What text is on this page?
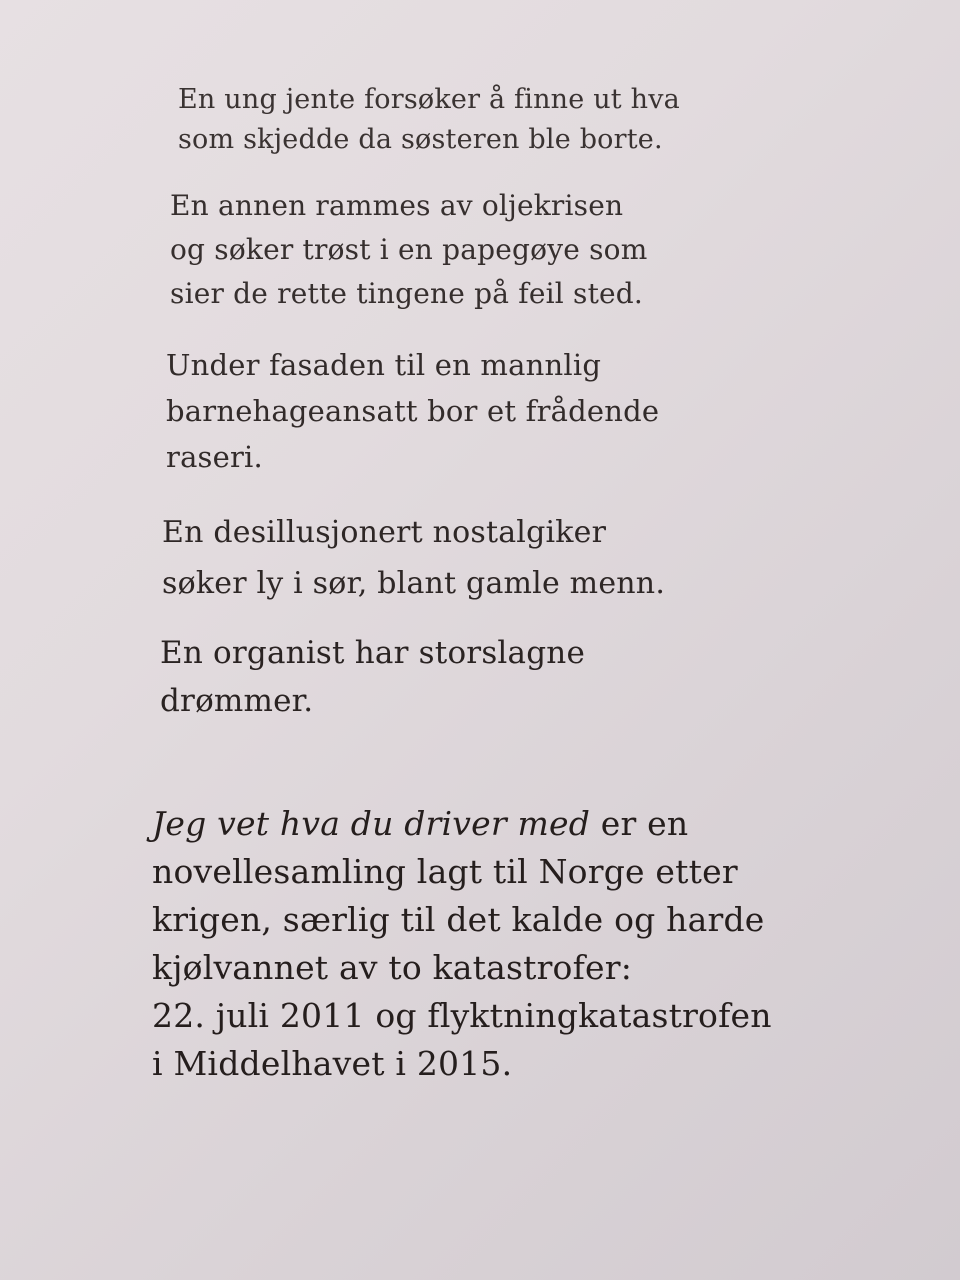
En ung jente forsøker å finne ut hva
som skjedde da søsteren ble borte.

En annen rammes av oljekrisen
og søker trøst i en papegøye som
sier de rette tingene på feil sted.

Under fasaden til en mannlig
barnehageansatt bor et frådende
raseri.

En desillusjonert nostalgiker
søker ly i sør, blant gamle menn.

En organist har storslagne
drømmer.

Jeg vet hva du driver med er en
novellesamling lagt til Norge etter
krigen, særlig til det kalde og harde
kjølvannet av to katastrofer:
22. juli 2011 og flyktningkatastrofen
i Middelhavet i 2015.
